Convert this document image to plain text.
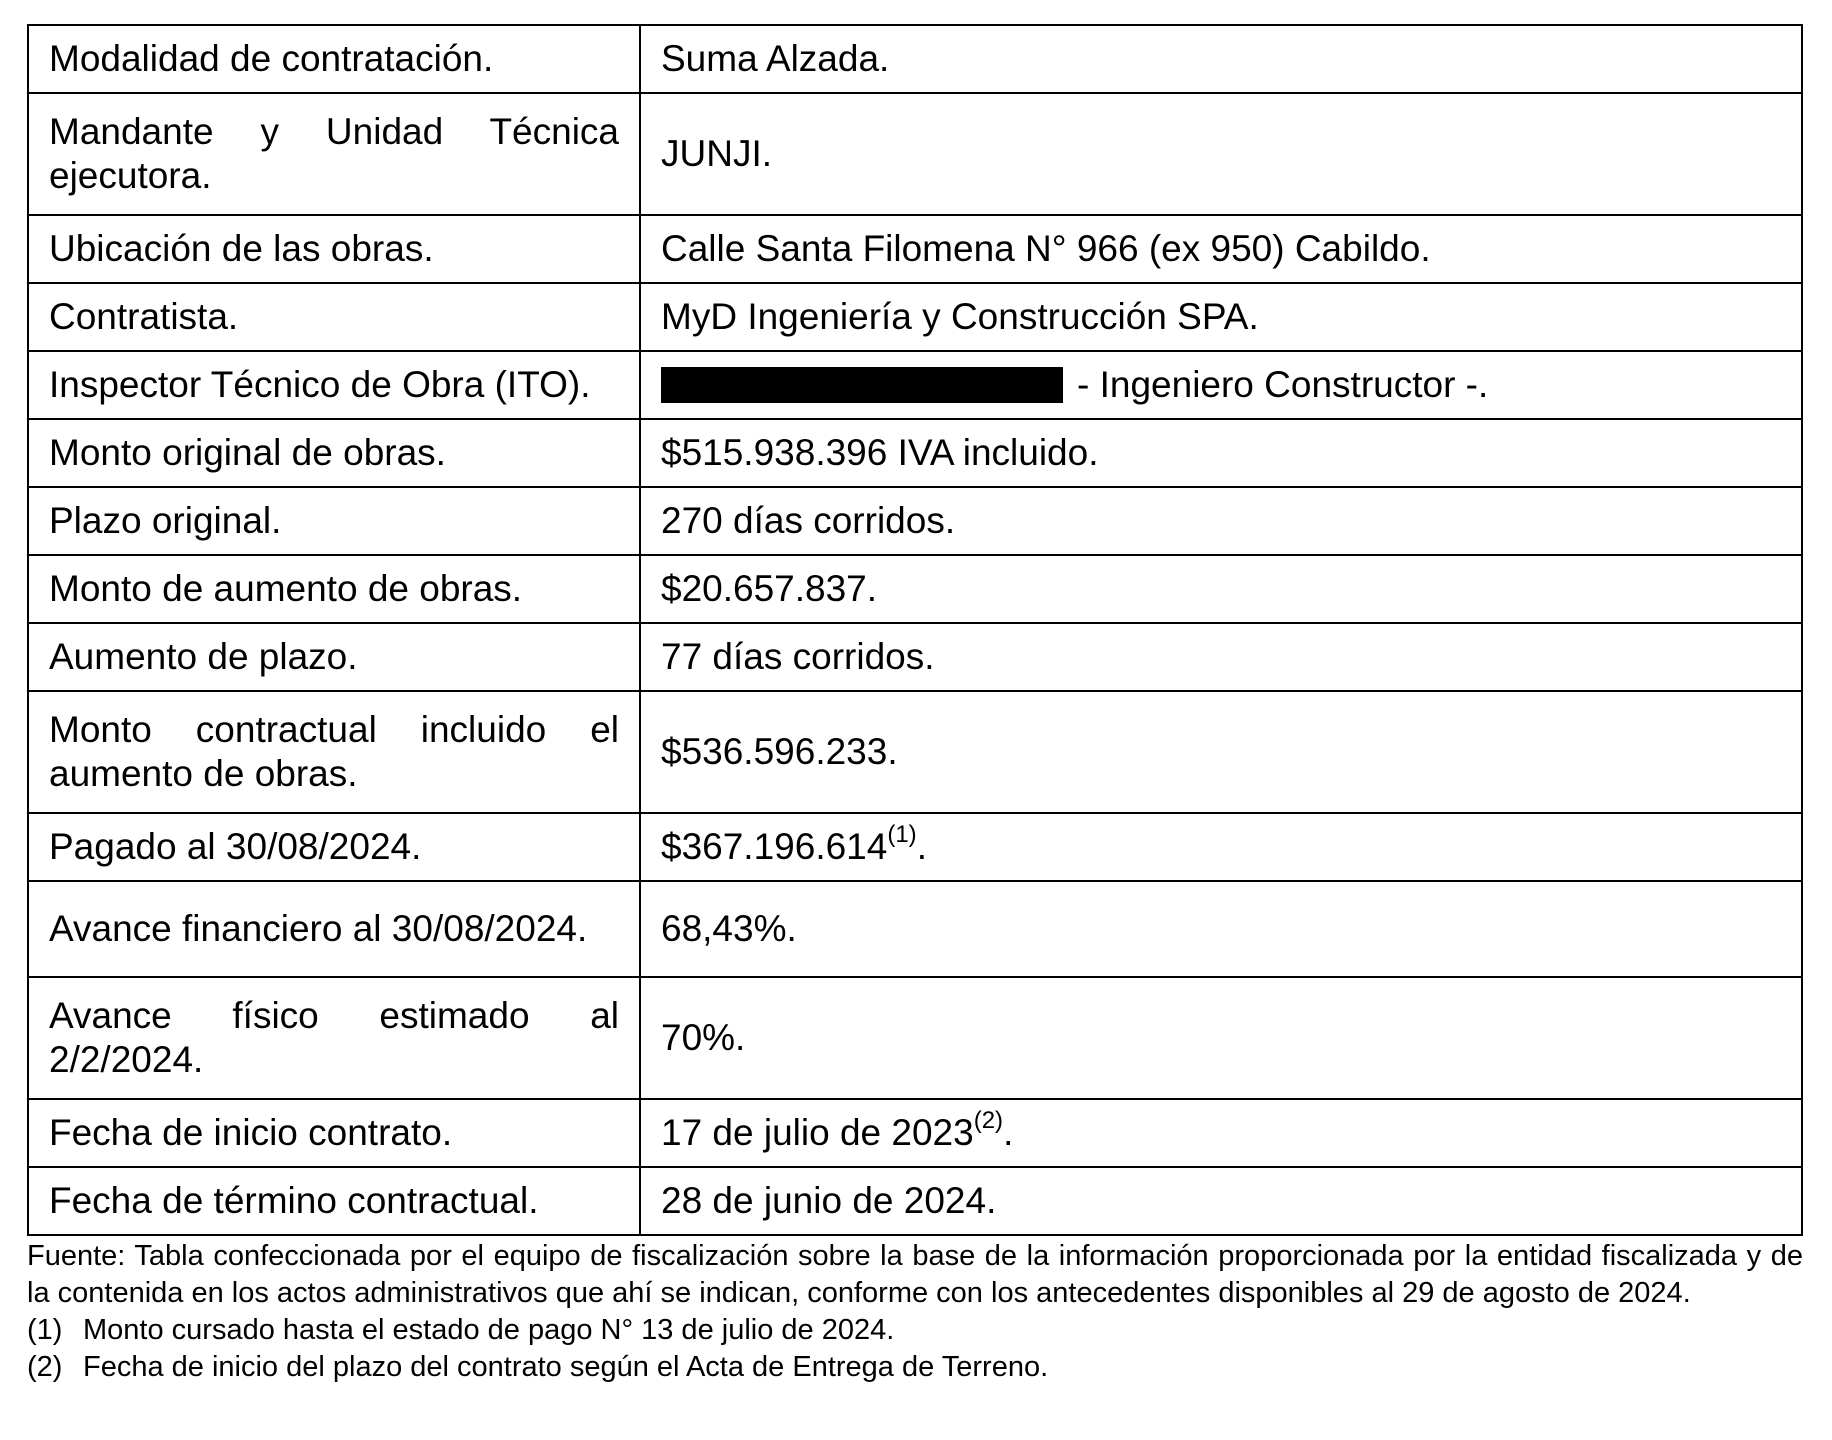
Modalidad de contratación.	Suma Alzada.
Mandante y Unidad Técnica ejecutora.	JUNJI.
Ubicación de las obras.	Calle Santa Filomena N° 966 (ex 950) Cabildo.
Contratista.	MyD Ingeniería y Construcción SPA.
Inspector Técnico de Obra (ITO).	- Ingeniero Constructor -.
Monto original de obras.	$515.938.396 IVA incluido.
Plazo original.	270 días corridos.
Monto de aumento de obras.	$20.657.837.
Aumento de plazo.	77 días corridos.
Monto contractual incluido el aumento de obras.	$536.596.233.
Pagado al 30/08/2024.	$367.196.614$^{(1)}$.
Avance financiero al 30/08/2024.	68,43%.
Avance físico estimado al 2/2/2024.	70%.
Fecha de inicio contrato.	17 de julio de 2023$^{(2)}$.
Fecha de término contractual.	28 de junio de 2024.
Fuente: Tabla confeccionada por el equipo de fiscalización sobre la base de la información proporcionada por la entidad fiscalizada y de la contenida en los actos administrativos que ahí se indican, conforme con los antecedentes disponibles al 29 de agosto de 2024.
(1) Monto cursado hasta el estado de pago N° 13 de julio de 2024.
(2) Fecha de inicio del plazo del contrato según el Acta de Entrega de Terreno.
